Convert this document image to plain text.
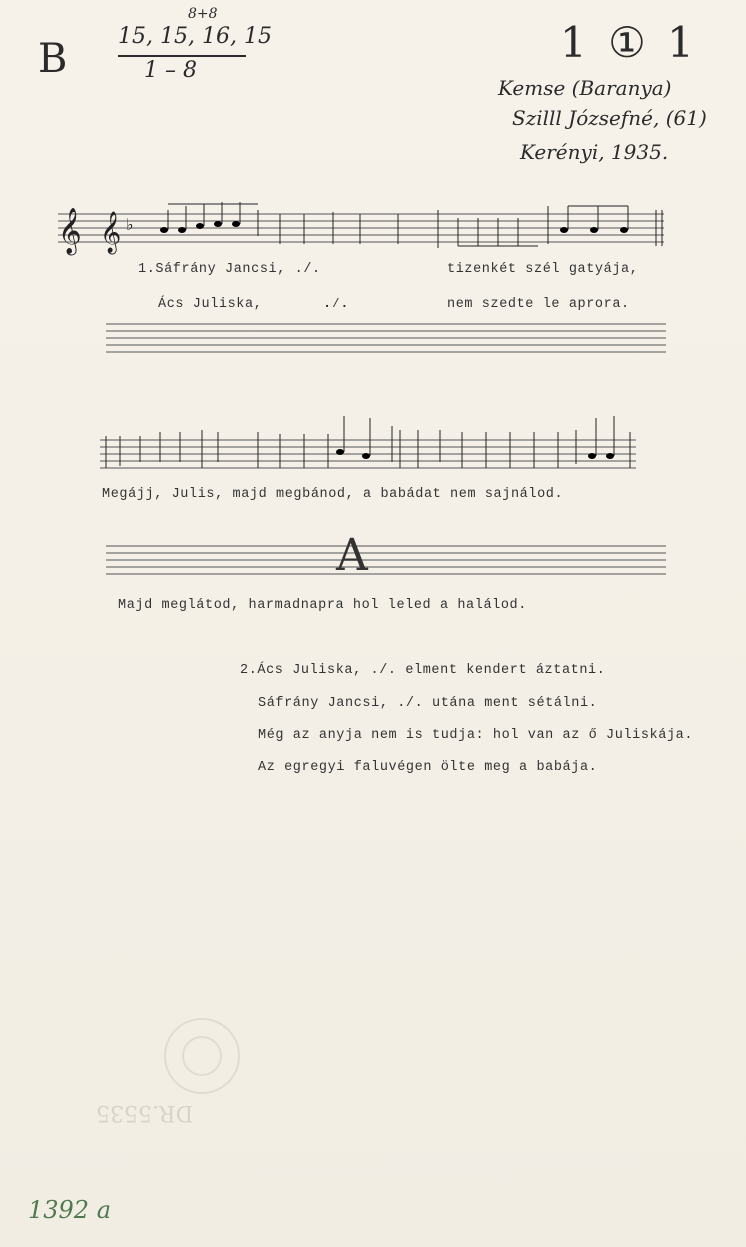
B
8+8
15, 15, 16, 15
1 – 8
1 ① 1
Kemse (Baranya)
Szilll Józsefné, (61)
Kerényi, 1935.
𝄞 𝄞 ♭
1.Sáfrány Jancsi, ./.	tizenkét szél gatyája,
Ács Juliska,	.⁄.	nem szedte le aprora.
Megájj, Julis, majd megbánod, a babádat nem sajnálod.
A
Majd meglátod, harmadnapra hol leled a halálod.
2.Ács Juliska, ./. elment kendert áztatni.
Sáfrány Jancsi, ./. utána ment sétálni.
Még az anyja nem is tudja: hol van az ő Juliskája.
Az egregyi faluvégen ölte meg a babája.
DR.5535
1392 a
